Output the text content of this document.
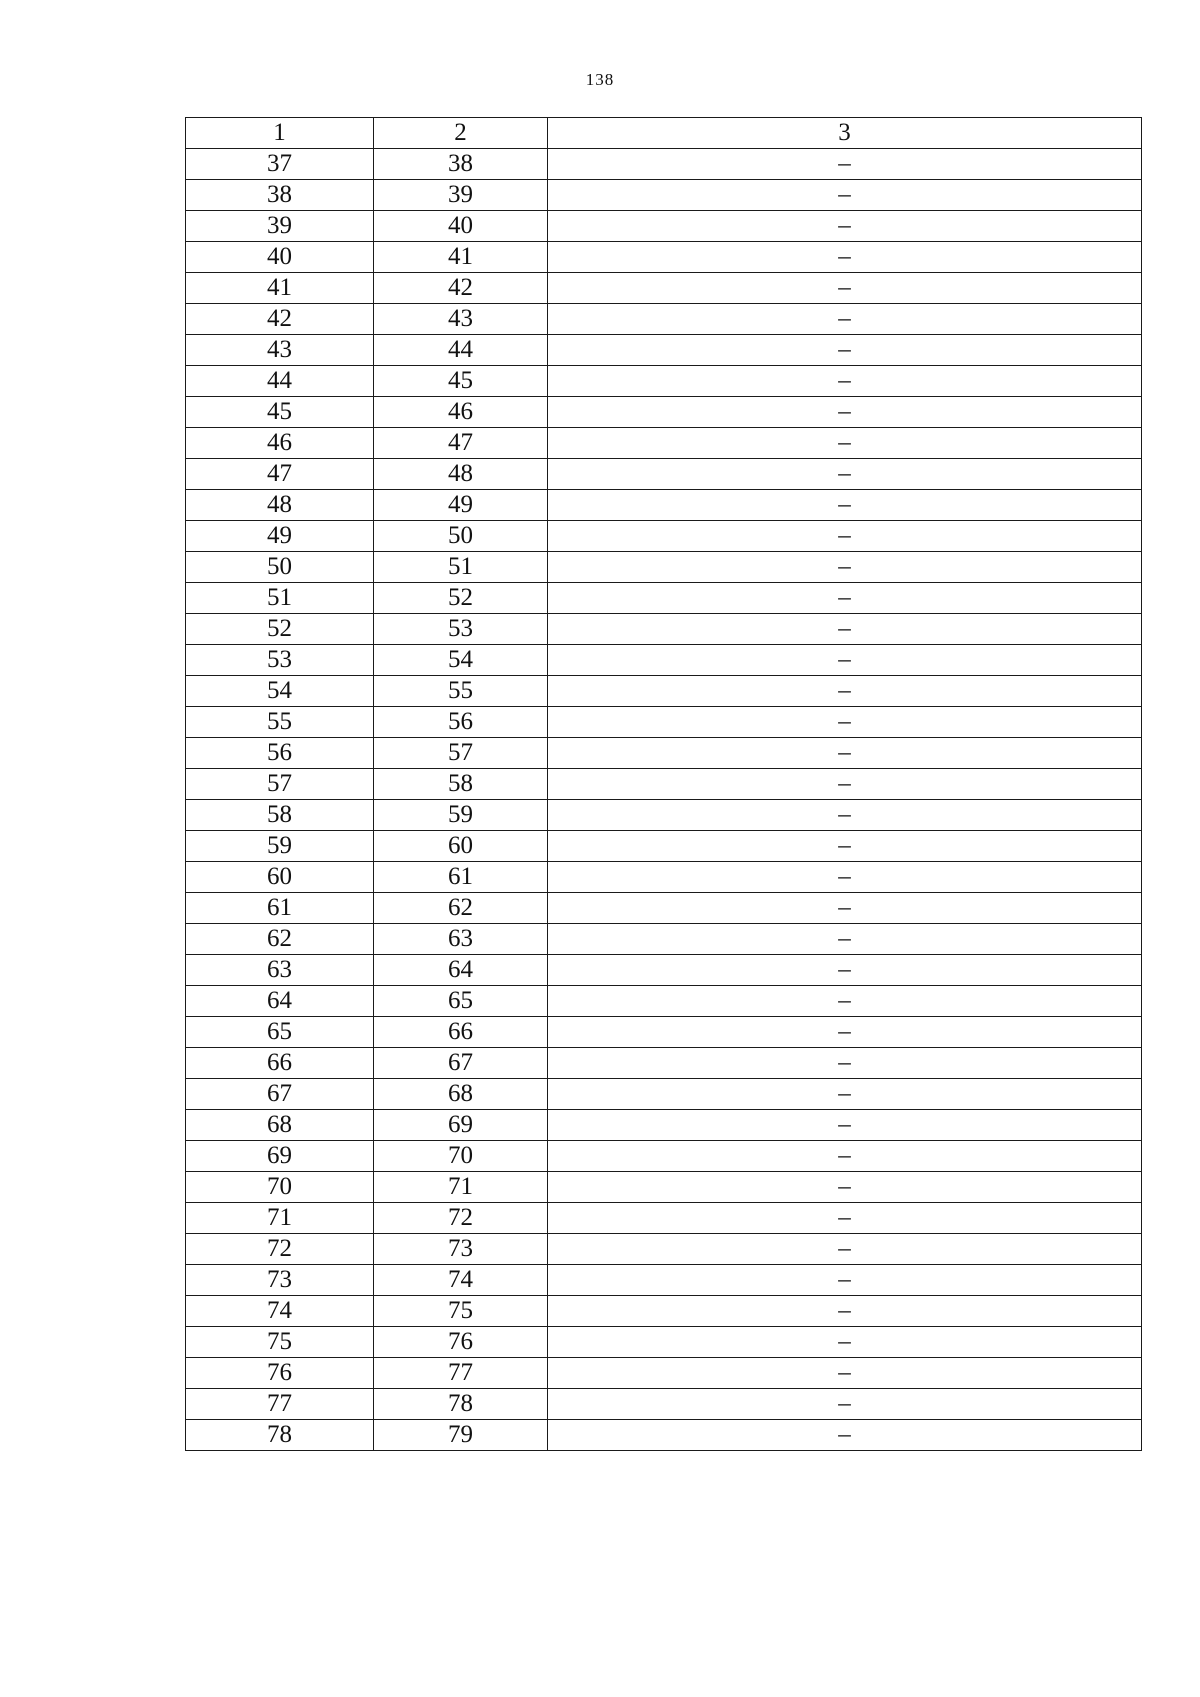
138
1	2	3
37	38	–
38	39	–
39	40	–
40	41	–
41	42	–
42	43	–
43	44	–
44	45	–
45	46	–
46	47	–
47	48	–
48	49	–
49	50	–
50	51	–
51	52	–
52	53	–
53	54	–
54	55	–
55	56	–
56	57	–
57	58	–
58	59	–
59	60	–
60	61	–
61	62	–
62	63	–
63	64	–
64	65	–
65	66	–
66	67	–
67	68	–
68	69	–
69	70	–
70	71	–
71	72	–
72	73	–
73	74	–
74	75	–
75	76	–
76	77	–
77	78	–
78	79	–
